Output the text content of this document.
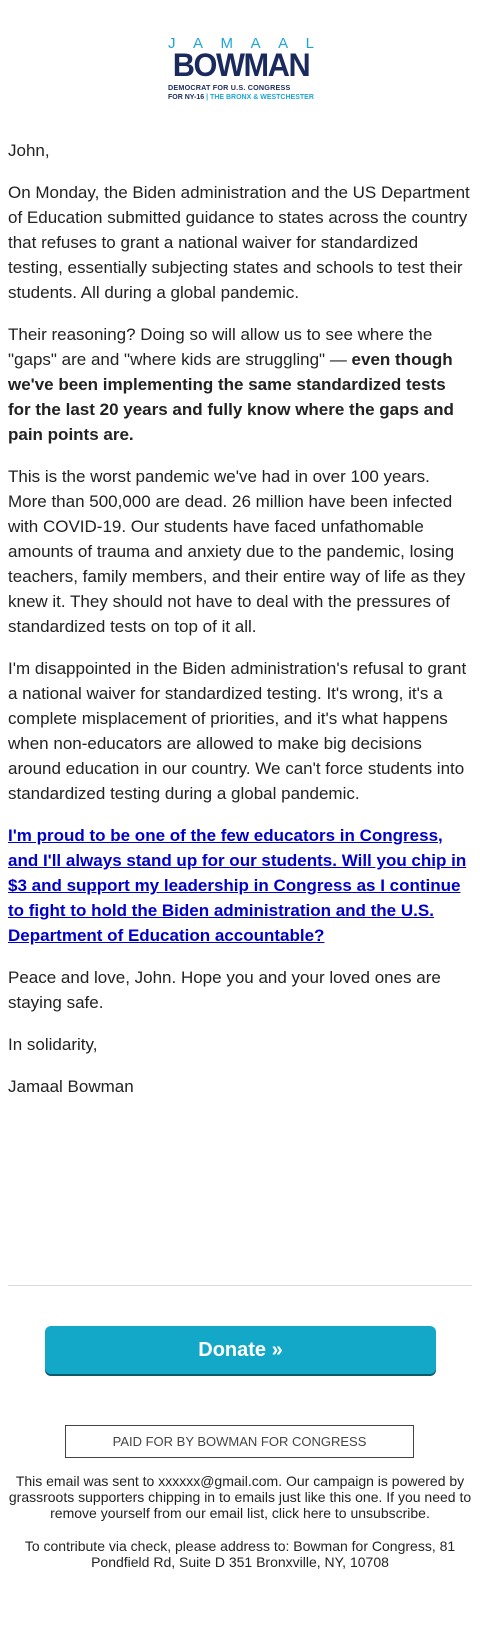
J A M A A L
BOWMAN
DEMOCRAT FOR U.S. CONGRESS
FOR NY-16 | THE BRONX & WESTCHESTER

John,

On Monday, the Biden administration and the US Department of Education submitted guidance to states across the country that refuses to grant a national waiver for standardized testing, essentially subjecting states and schools to test their students. All during a global pandemic.

Their reasoning? Doing so will allow us to see where the "gaps" are and "where kids are struggling" — even though we've been implementing the same standardized tests for the last 20 years and fully know where the gaps and pain points are.

This is the worst pandemic we've had in over 100 years. More than 500,000 are dead. 26 million have been infected with COVID-19. Our students have faced unfathomable amounts of trauma and anxiety due to the pandemic, losing teachers, family members, and their entire way of life as they knew it. They should not have to deal with the pressures of standardized tests on top of it all.

I'm disappointed in the Biden administration's refusal to grant a national waiver for standardized testing. It's wrong, it's a complete misplacement of priorities, and it's what happens when non-educators are allowed to make big decisions around education in our country. We can't force students into standardized testing during a global pandemic.

I'm proud to be one of the few educators in Congress, and I'll always stand up for our students. Will you chip in $3 and support my leadership in Congress as I continue to fight to hold the Biden administration and the U.S. Department of Education accountable?

Peace and love, John. Hope you and your loved ones are staying safe.

In solidarity,

Jamaal Bowman

Donate »
PAID FOR BY BOWMAN FOR CONGRESS
This email was sent to xxxxxx@gmail.com. Our campaign is powered by grassroots supporters chipping in to emails just like this one. If you need to remove yourself from our email list, click here to unsubscribe.
To contribute via check, please address to: Bowman for Congress, 81 Pondfield Rd, Suite D 351 Bronxville, NY, 10708
